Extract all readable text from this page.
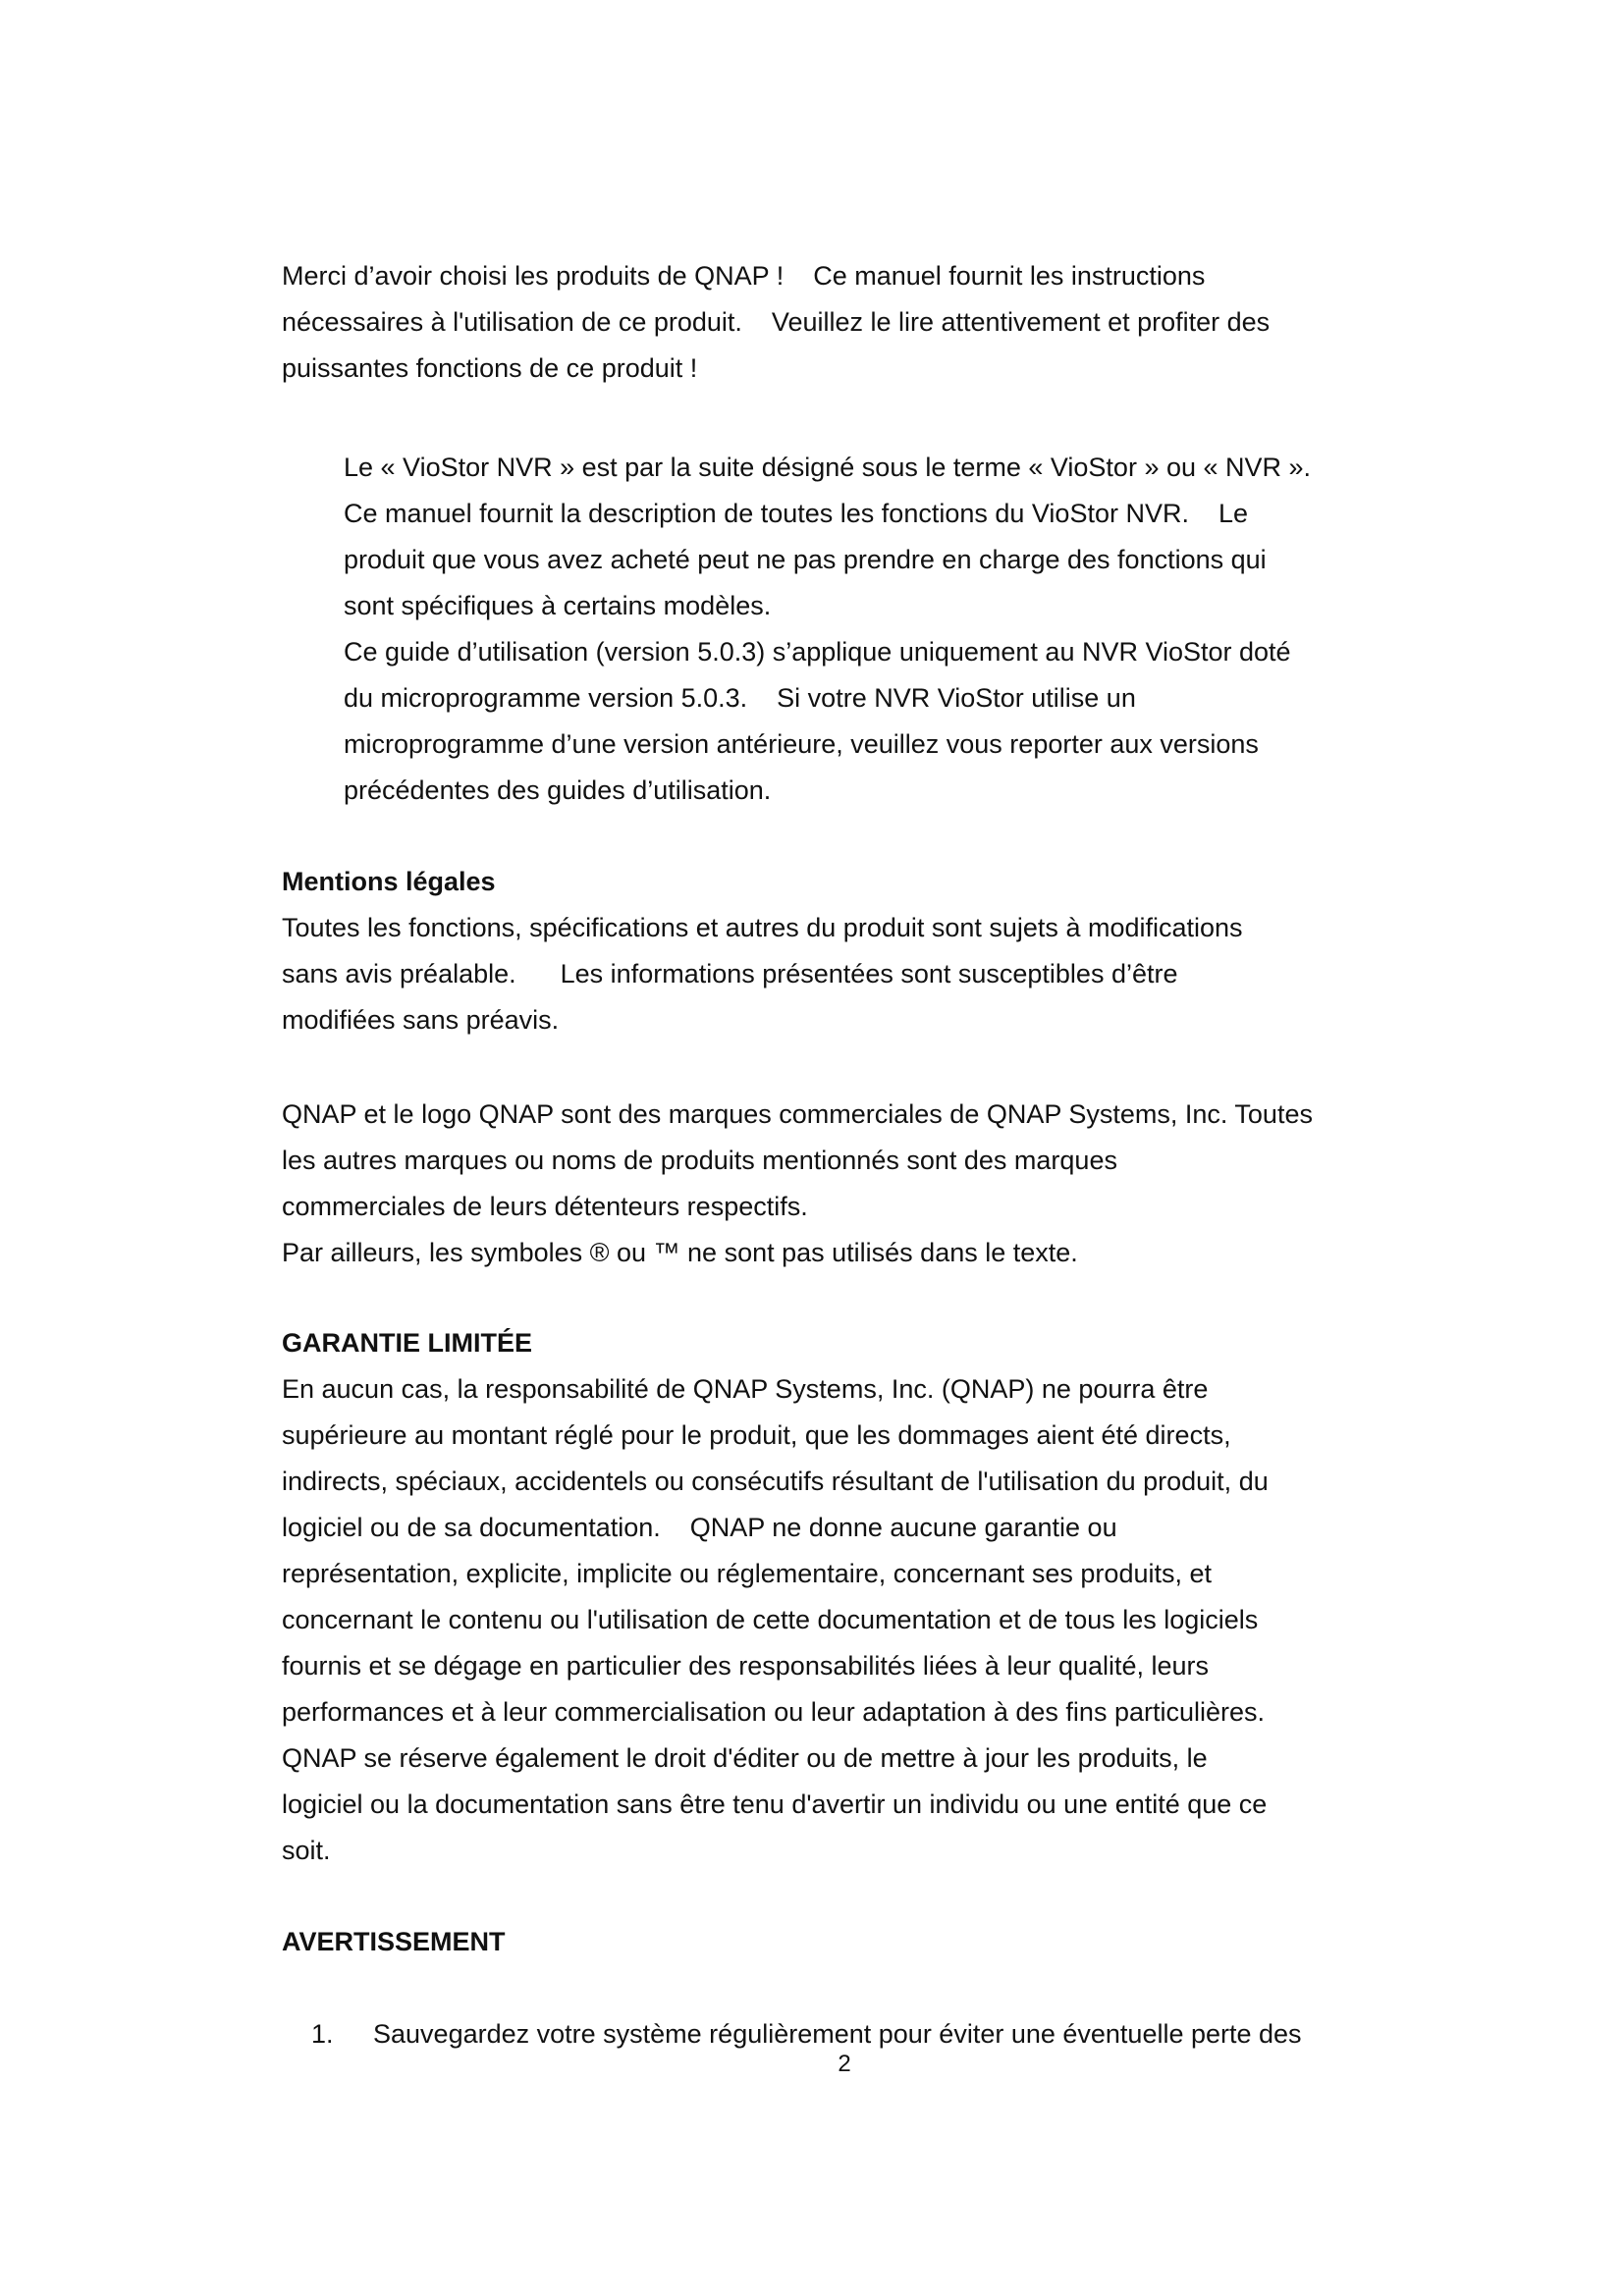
Merci d’avoir choisi les produits de QNAP !    Ce manuel fournit les instructions
nécessaires à l'utilisation de ce produit.    Veuillez le lire attentivement et profiter des
puissantes fonctions de ce produit !
Le « VioStor NVR » est par la suite désigné sous le terme « VioStor » ou « NVR ».
Ce manuel fournit la description de toutes les fonctions du VioStor NVR.    Le
produit que vous avez acheté peut ne pas prendre en charge des fonctions qui
sont spécifiques à certains modèles.
Ce guide d’utilisation (version 5.0.3) s’applique uniquement au NVR VioStor doté
du microprogramme version 5.0.3.    Si votre NVR VioStor utilise un
microprogramme d’une version antérieure, veuillez vous reporter aux versions
précédentes des guides d’utilisation.
Mentions légales
Toutes les fonctions, spécifications et autres du produit sont sujets à modifications
sans avis préalable.      Les informations présentées sont susceptibles d’être
modifiées sans préavis.
QNAP et le logo QNAP sont des marques commerciales de QNAP Systems, Inc. Toutes
les autres marques ou noms de produits mentionnés sont des marques
commerciales de leurs détenteurs respectifs.
Par ailleurs, les symboles ® ou ™ ne sont pas utilisés dans le texte.
GARANTIE LIMITÉE
En aucun cas, la responsabilité de QNAP Systems, Inc. (QNAP) ne pourra être
supérieure au montant réglé pour le produit, que les dommages aient été directs,
indirects, spéciaux, accidentels ou consécutifs résultant de l'utilisation du produit, du
logiciel ou de sa documentation.    QNAP ne donne aucune garantie ou
représentation, explicite, implicite ou réglementaire, concernant ses produits, et
concernant le contenu ou l'utilisation de cette documentation et de tous les logiciels
fournis et se dégage en particulier des responsabilités liées à leur qualité, leurs
performances et à leur commercialisation ou leur adaptation à des fins particulières.
QNAP se réserve également le droit d'éditer ou de mettre à jour les produits, le
logiciel ou la documentation sans être tenu d'avertir un individu ou une entité que ce
soit.
AVERTISSEMENT

1. Sauvegardez votre système régulièrement pour éviter une éventuelle perte des

2
